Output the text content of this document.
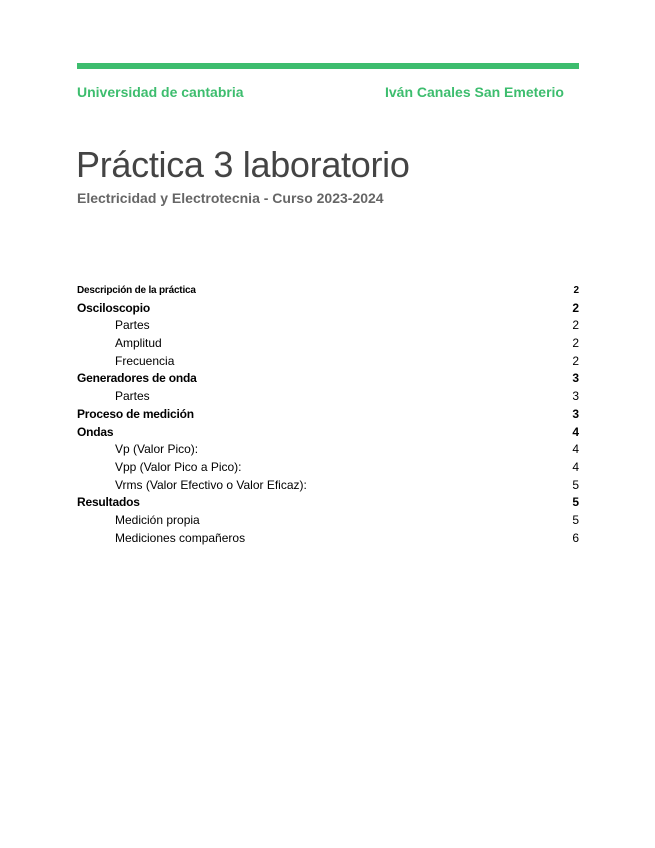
Universidad de cantabria	Iván Canales San Emeterio
Práctica 3 laboratorio
Electricidad y Electrotecnia - Curso 2023-2024
Descripción de la práctica	2
Osciloscopio	2
Partes	2
Amplitud	2
Frecuencia	2
Generadores de onda	3
Partes	3
Proceso de medición	3
Ondas	4
Vp (Valor Pico):	4
Vpp (Valor Pico a Pico):	4
Vrms (Valor Efectivo o Valor Eficaz):	5
Resultados	5
Medición propia	5
Mediciones compañeros	6
